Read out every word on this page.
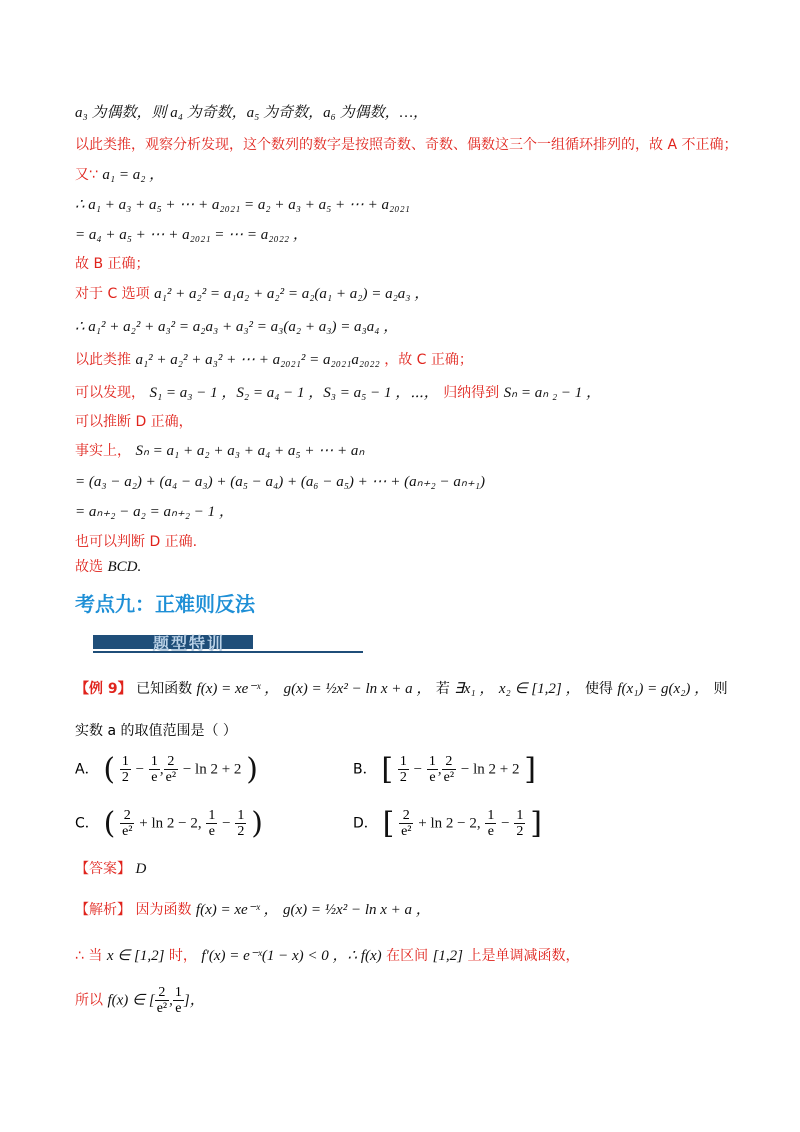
a₃ 为偶数，则 a₄ 为奇数，a₅ 为奇数，a₆ 为偶数，…，
以此类推，观察分析发现，这个数列的数字是按照奇数、奇数、偶数这三个一组循环排列的，故 A 不正确；
又∵ a₁ = a₂ ，
∴ a₁ + a₃ + a₅ + ⋯ + a₂₀₂₁ = a₂ + a₃ + a₅ + ⋯ + a₂₀₂₁
= a₄ + a₅ + ⋯ + a₂₀₂₁ = ⋯ = a₂₀₂₂ ，
故 B 正确；
对于 C 选项 a₁² + a₂² = a₁a₂ + a₂² = a₂(a₁ + a₂) = a₂a₃ ，
∴ a₁² + a₂² + a₃² = a₂a₃ + a₃² = a₃(a₂ + a₃) = a₃a₄ ，
以此类推 a₁² + a₂² + a₃² + ⋯ + a₂₀₂₁² = a₂₀₂₁a₂₀₂₂ ，故 C 正确；
可以发现， S₁ = a₃ − 1 ，S₂ = a₄ − 1 ，S₃ = a₅ − 1 ，⋯， 归纳得到 Sₙ = aₙ ₂ − 1 ，
可以推断 D 正确，
事实上， Sₙ = a₁ + a₂ + a₃ + a₄ + a₅ + ⋯ + aₙ
= (a₃ − a₂) + (a₄ − a₃) + (a₅ − a₄) + (a₆ − a₅) + ⋯ + (aₙ₊₂ − aₙ₊₁)
= aₙ₊₂ − a₂ = aₙ₊₂ − 1 ，
也可以判断 D 正确.
故选 BCD.
考点九：正难则反法
题型特训
【例 9】 已知函数 f(x) = xe⁻ˣ ， g(x) = ½x² − ln x + a ， 若 ∃x₁ ， x₂ ∈ [1,2] ， 使得 f(x₁) = g(x₂) ， 则
实数 a 的取值范围是（ ）
A． ( $\frac{1}{2} - \frac{1}{e}$ , $\frac{2}{\text{e²}} - \ln 2 + 2$ )	B． [ $\frac{1}{2} - \frac{1}{e}$ , $\frac{2}{\text{e²}} - \ln 2 + 2$ ]
C． ( $\frac{2}{\text{e²}} + \ln 2 - 2$, $\frac{1}{e} - \frac{1}{2}$ )	D． [ $\frac{2}{\text{e²}} + \ln 2 - 2$, $\frac{1}{e} - \frac{1}{2}$ ]
【答案】 D
【解析】 因为函数 f(x) = xe⁻ˣ ， g(x) = ½x² − ln x + a ，
∴ 当 x ∈ [1,2] 时， f′(x) = e⁻ˣ(1 − x) < 0 ，∴ f(x) 在区间 [1,2] 上是单调减函数，
所以 f(x) ∈ [ $\frac{2}{\text{e²}}$ , $\frac{1}{e}$ ]，
